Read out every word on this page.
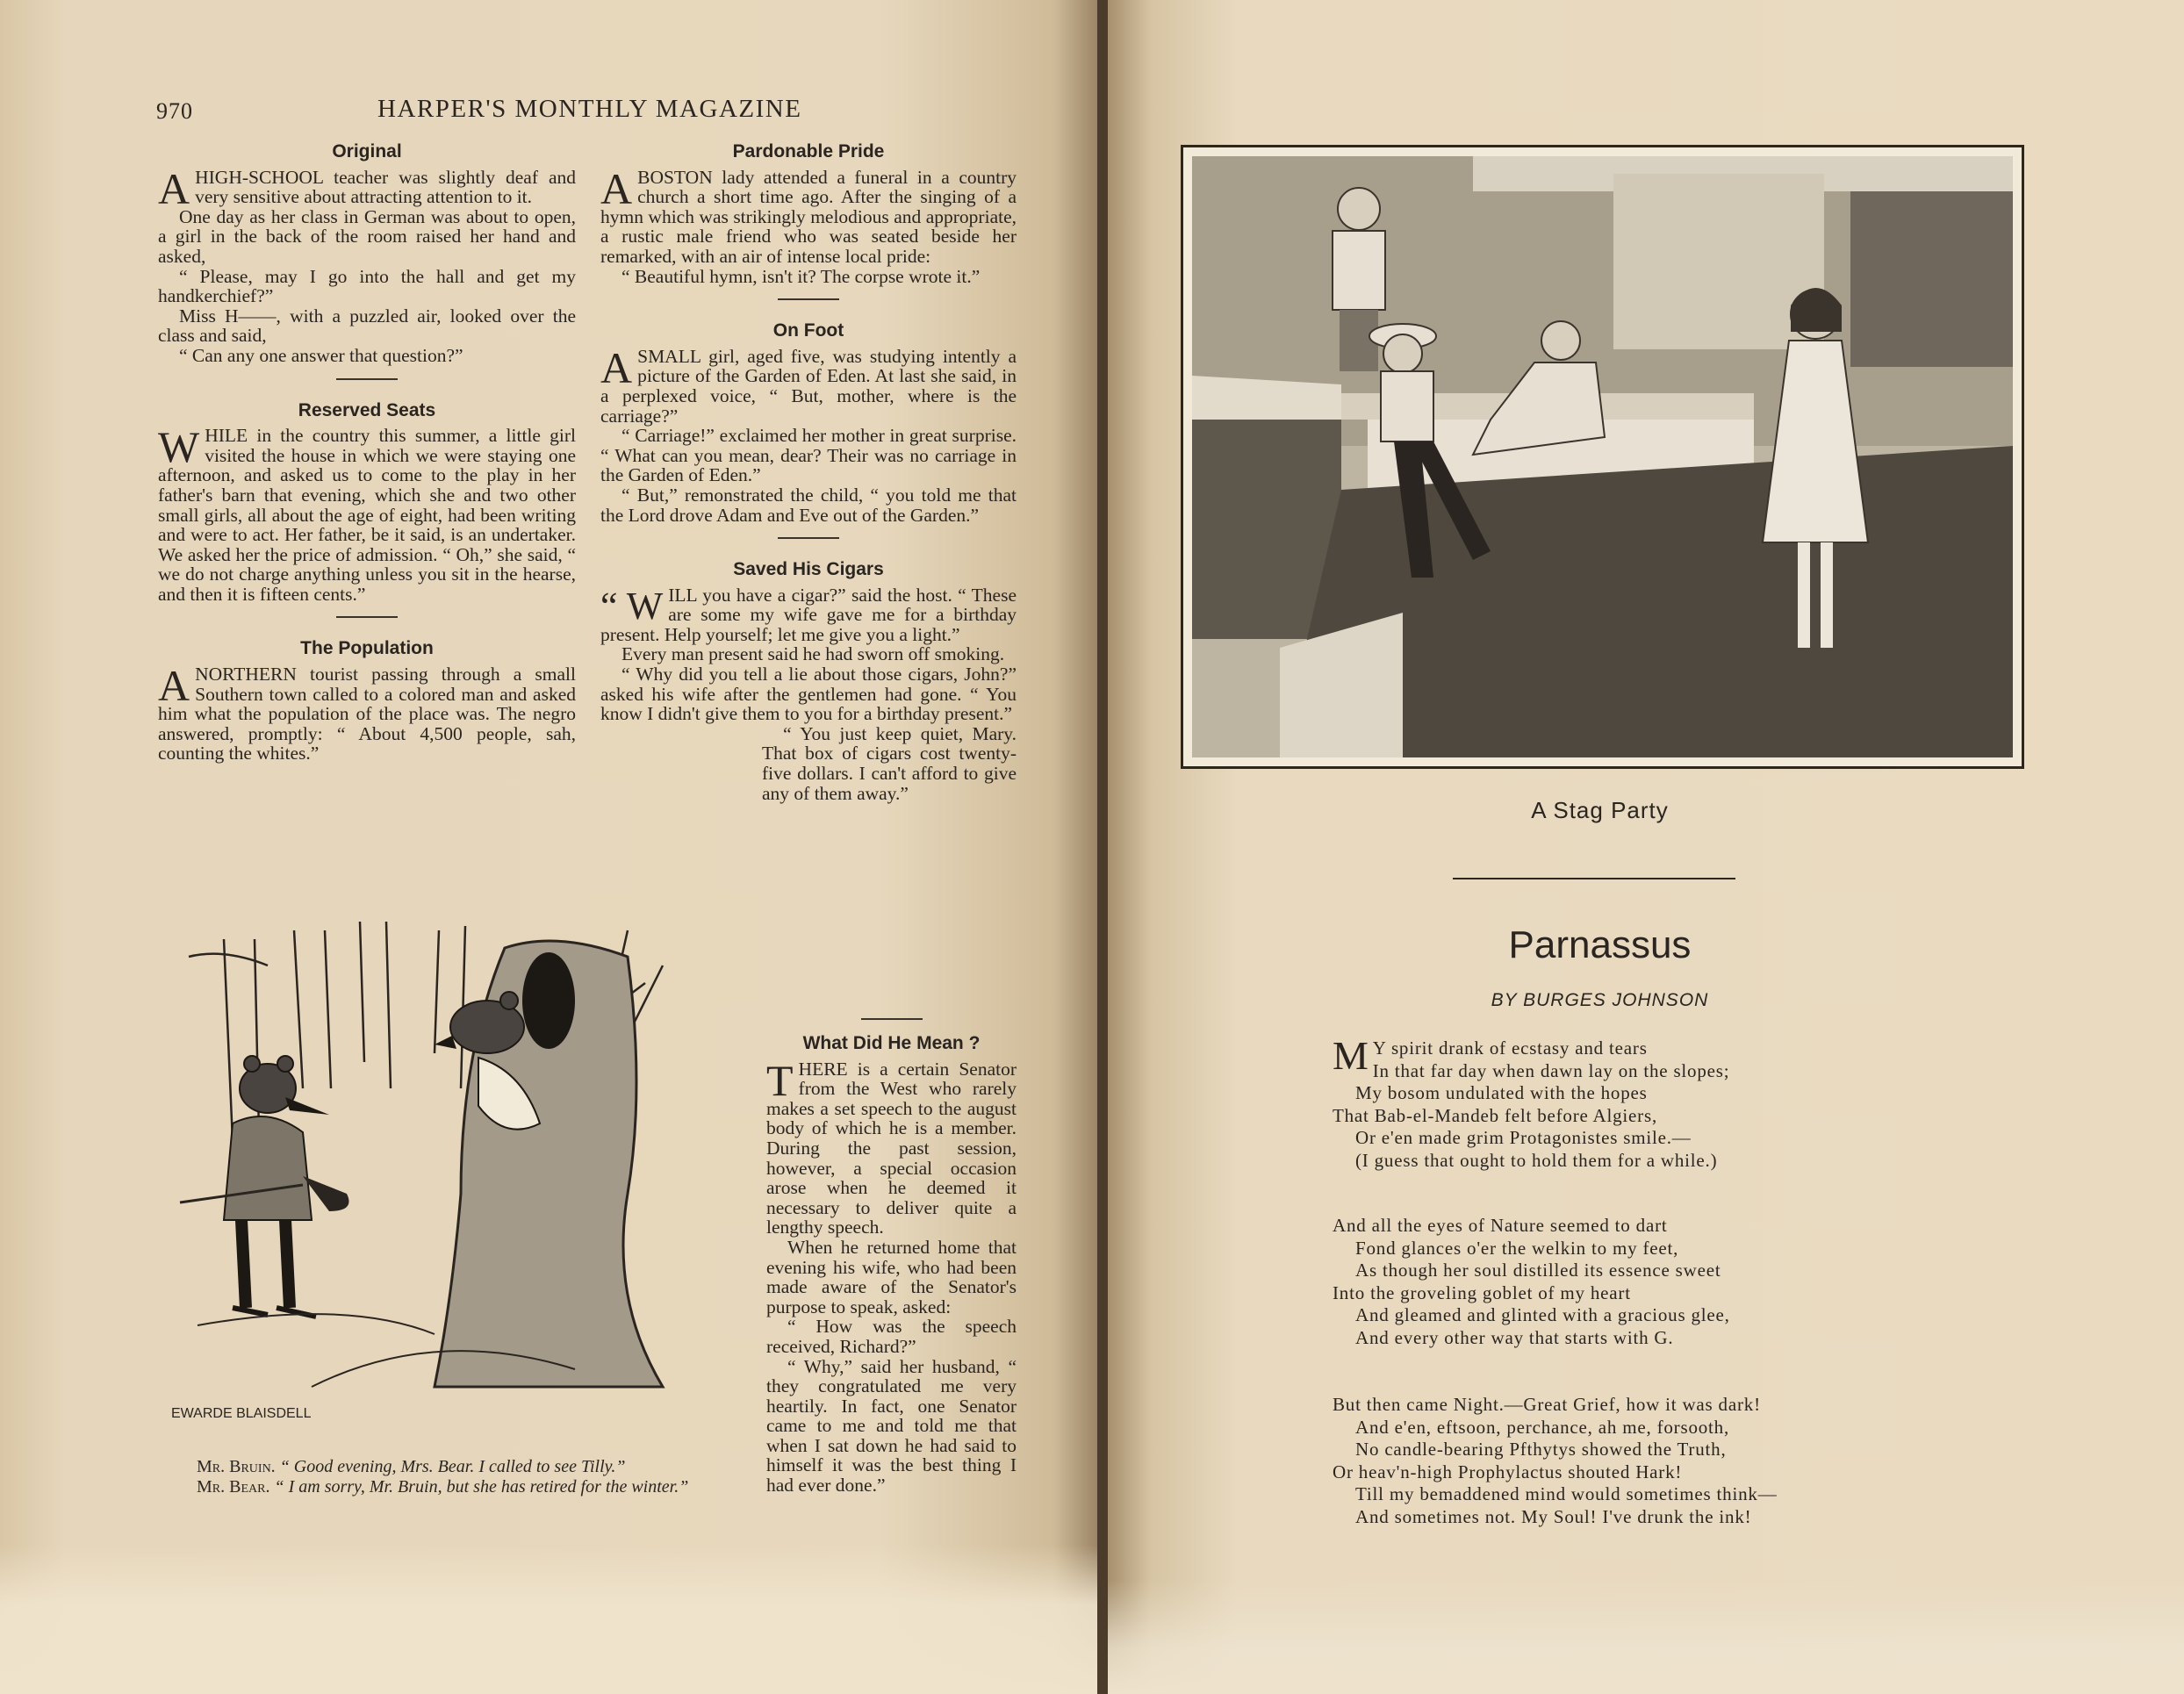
970	HARPER'S MONTHLY MAGAZINE
Original

AHIGH-SCHOOL teacher was slightly deaf and very sensitive about attracting attention to it.

One day as her class in German was about to open, a girl in the back of the room raised her hand and asked,

“ Please, may I go into the hall and get my handkerchief?”

Miss H——, with a puzzled air, looked over the class and said,

“ Can any one answer that question?”

Reserved Seats

WHILE in the country this summer, a little girl visited the house in which we were staying one afternoon, and asked us to come to the play in her father's barn that evening, which she and two other small girls, all about the age of eight, had been writing and were to act. Her father, be it said, is an undertaker. We asked her the price of admission. “ Oh,” she said, “ we do not charge anything unless you sit in the hearse, and then it is fifteen cents.”

The Population

ANORTHERN tourist passing through a small Southern town called to a colored man and asked him what the population of the place was. The negro answered, promptly: “ About 4,500 people, sah, counting the whites.”

Pardonable Pride

ABOSTON lady attended a funeral in a country church a short time ago. After the singing of a hymn which was strikingly melodious and appropriate, a rustic male friend who was seated beside her remarked, with an air of intense local pride:

“ Beautiful hymn, isn't it? The corpse wrote it.”

On Foot

ASMALL girl, aged five, was studying intently a picture of the Garden of Eden. At last she said, in a perplexed voice, “ But, mother, where is the carriage?”

“ Carriage!” exclaimed her mother in great surprise. “ What can you mean, dear? Their was no carriage in the Garden of Eden.”

“ But,” remonstrated the child, “ you told me that the Lord drove Adam and Eve out of the Garden.”

Saved His Cigars

“ W ILL you have a cigar?” said the host. “ These are some my wife gave me for a birthday present. Help yourself; let me give you a light.”

Every man present said he had sworn off smoking.

“ Why did you tell a lie about those cigars, John?” asked his wife after the gentlemen had gone. “ You know I didn't give them to you for a birthday present.”

“ You just keep quiet, Mary. That box of cigars cost twenty-five dollars. I can't afford to give any of them away.”

What Did He Mean ?

THERE is a certain Senator from the West who rarely makes a set speech to the august body of which he is a member. During the past session, however, a special occasion arose when he deemed it necessary to deliver quite a lengthy speech.

When he returned home that evening his wife, who had been made aware of the Senator's purpose to speak, asked:

“ How was the speech received, Richard?”

“ Why,” said her husband, “ they congratulated me very heartily. In fact, one Senator came to me and told me that when I sat down he had said to himself it was the best thing I had ever done.”

EWARDE BLAISDELL

Mr. Bruin. “ Good evening, Mrs. Bear. I called to see Tilly.”

Mr. Bear. “ I am sorry, Mr. Bruin, but she has retired for the winter.”

A Stag Party
Parnassus
BY BURGES JOHNSON
M Y spirit drank of ecstasy and tears
In that far day when dawn lay on the slopes;
My bosom undulated with the hopes
That Bab-el-Mandeb felt before Algiers,
Or e'en made grim Protagonistes smile.—
(I guess that ought to hold them for a while.)
And all the eyes of Nature seemed to dart
Fond glances o'er the welkin to my feet,
As though her soul distilled its essence sweet
Into the groveling goblet of my heart
And gleamed and glinted with a gracious glee,
And every other way that starts with G.
But then came Night.—Great Grief, how it was dark!
And e'en, eftsoon, perchance, ah me, forsooth,
No candle-bearing Pfthytys showed the Truth,
Or heav'n-high Prophylactus shouted Hark!
Till my bemaddened mind would sometimes think—
And sometimes not. My Soul! I've drunk the ink!
